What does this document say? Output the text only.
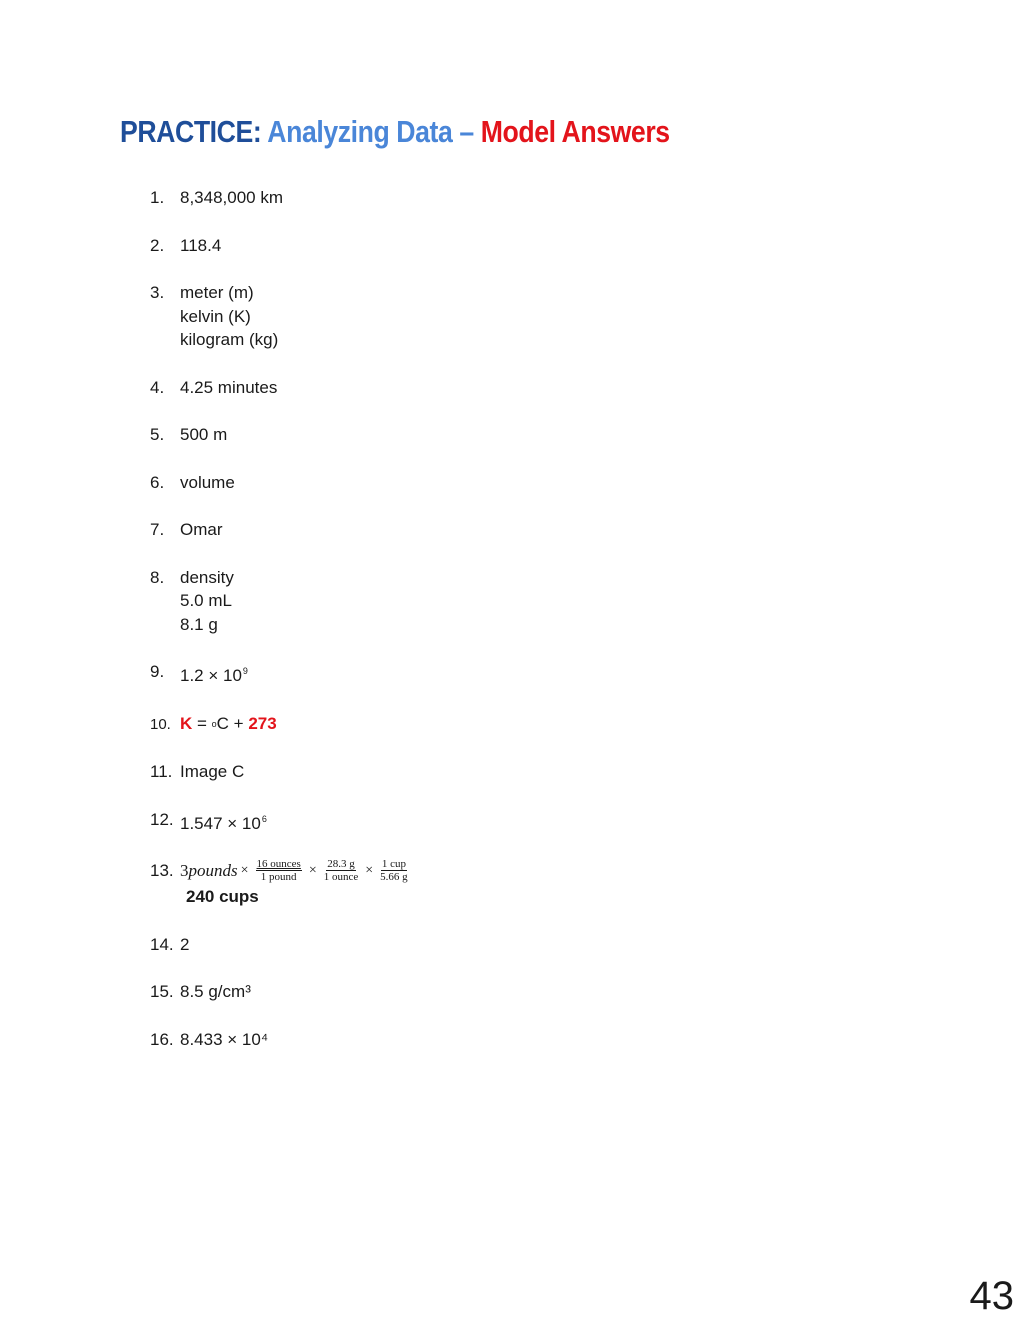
PRACTICE: Analyzing Data – Model Answers
1. 8,348,000 km
2. 118.4
3. meter (m)
kelvin (K)
kilogram (kg)
4. 4.25 minutes
5. 500 m
6. volume
7. Omar
8. density
5.0 mL
8.1 g
9. $1.2 \times 10^9$
10. K = oC + 273
11. Image C
12. $1.547 \times 10^6$
13. 3 pounds × $\frac{\text{16 ounces}}{\text{1 pound}} \times \frac{28.3 g}{\text{1 ounce}} \times \frac{\text{1 cup}}{5.66 g}$
240 cups
14. 2
15. 8.5 g/cm³
16. 8.433 × 10⁴
43
